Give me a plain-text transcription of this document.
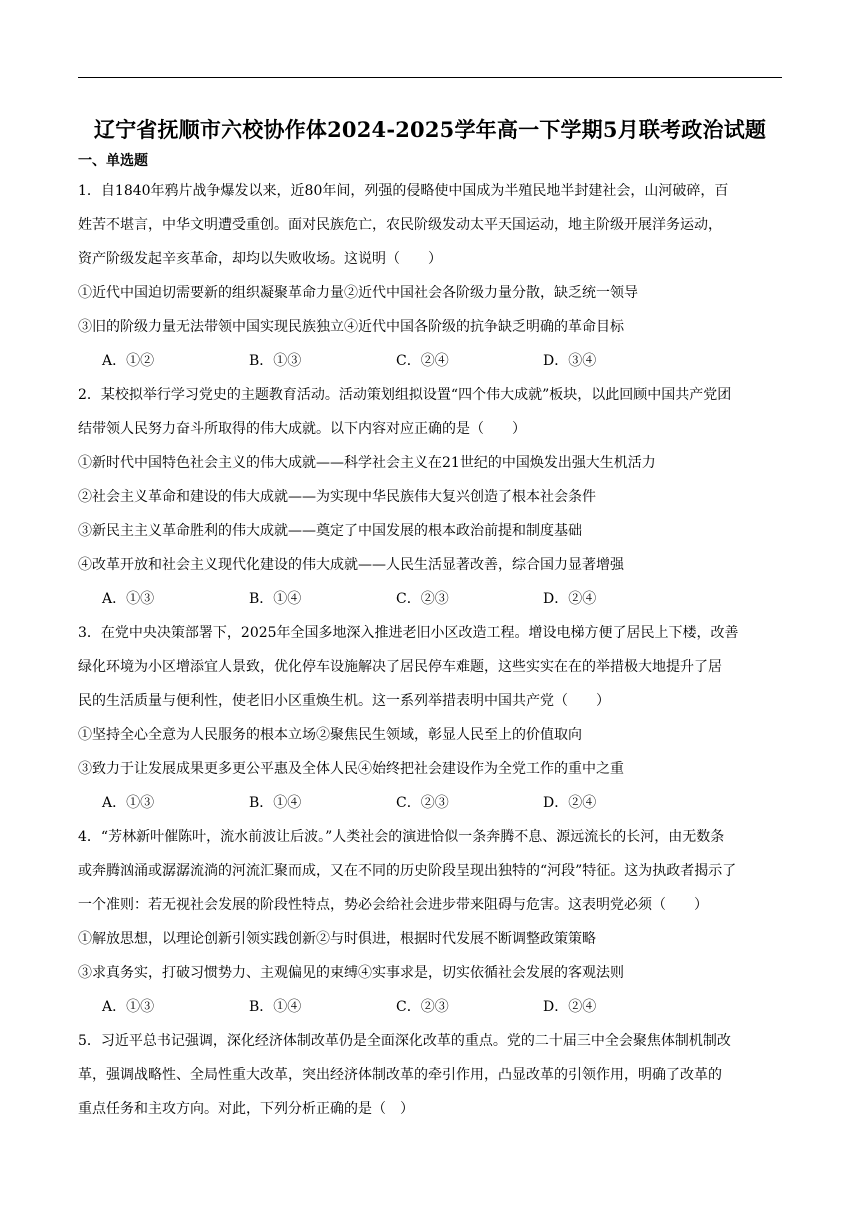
辽宁省抚顺市六校协作体2024-2025学年高一下学期5月联考政治试题
一、单选题

1．自1840年鸦片战争爆发以来，近80年间，列强的侵略使中国成为半殖民地半封建社会，山河破碎，百

姓苦不堪言，中华文明遭受重创。面对民族危亡，农民阶级发动太平天国运动，地主阶级开展洋务运动，

资产阶级发起辛亥革命，却均以失败收场。这说明（　　）

①近代中国迫切需要新的组织凝聚革命力量②近代中国社会各阶级力量分散，缺乏统一领导

③旧的阶级力量无法带领中国实现民族独立④近代中国各阶级的抗争缺乏明确的革命目标

A．①②	B．①③	C．②④	D．③④

2．某校拟举行学习党史的主题教育活动。活动策划组拟设置“四个伟大成就”板块，以此回顾中国共产党团

结带领人民努力奋斗所取得的伟大成就。以下内容对应正确的是（　　）

①新时代中国特色社会主义的伟大成就——科学社会主义在21世纪的中国焕发出强大生机活力

②社会主义革命和建设的伟大成就——为实现中华民族伟大复兴创造了根本社会条件

③新民主主义革命胜利的伟大成就——奠定了中国发展的根本政治前提和制度基础

④改革开放和社会主义现代化建设的伟大成就——人民生活显著改善，综合国力显著增强

A．①③	B．①④	C．②③	D．②④

3．在党中央决策部署下，2025年全国多地深入推进老旧小区改造工程。增设电梯方便了居民上下楼，改善

绿化环境为小区增添宜人景致，优化停车设施解决了居民停车难题，这些实实在在的举措极大地提升了居

民的生活质量与便利性，使老旧小区重焕生机。这一系列举措表明中国共产党（　　）

①坚持全心全意为人民服务的根本立场②聚焦民生领域，彰显人民至上的价值取向

③致力于让发展成果更多更公平惠及全体人民④始终把社会建设作为全党工作的重中之重

A．①③	B．①④	C．②③	D．②④

4．“芳林新叶催陈叶，流水前波让后波。”人类社会的演进恰似一条奔腾不息、源远流长的长河，由无数条

或奔腾汹涌或潺潺流淌的河流汇聚而成，又在不同的历史阶段呈现出独特的“河段”特征。这为执政者揭示了

一个准则：若无视社会发展的阶段性特点，势必会给社会进步带来阻碍与危害。这表明党必须（　　）

①解放思想，以理论创新引领实践创新②与时俱进，根据时代发展不断调整政策策略

③求真务实，打破习惯势力、主观偏见的束缚④实事求是，切实依循社会发展的客观法则

A．①③	B．①④	C．②③	D．②④

5．习近平总书记强调，深化经济体制改革仍是全面深化改革的重点。党的二十届三中全会聚焦体制机制改

革，强调战略性、全局性重大改革，突出经济体制改革的牵引作用，凸显改革的引领作用，明确了改革的

重点任务和主攻方向。对此，下列分析正确的是（　）
